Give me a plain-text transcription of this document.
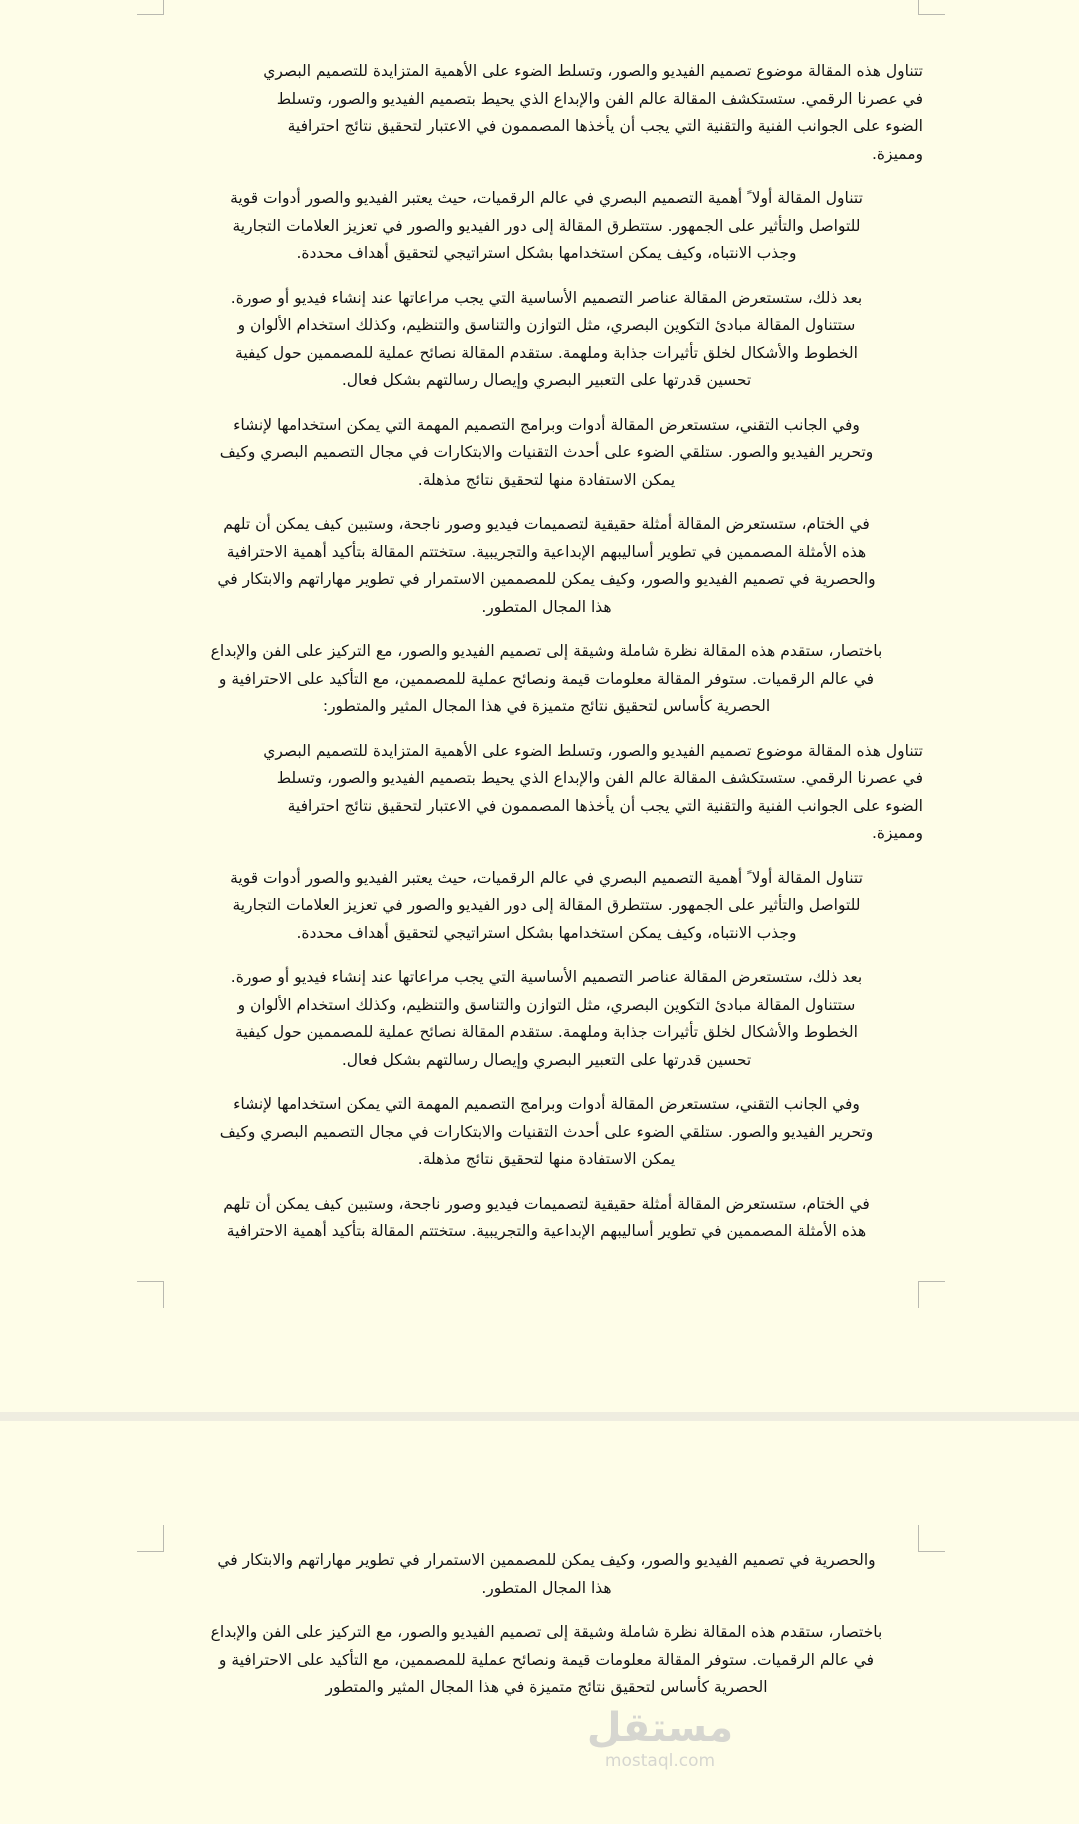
تتناول هذه المقالة موضوع تصميم الفيديو والصور، وتسلط الضوء على الأهمية المتزايدة للتصميم البصري
في عصرنا الرقمي. ستستكشف المقالة عالم الفن والإبداع الذي يحيط بتصميم الفيديو والصور، وتسلط
الضوء على الجوانب الفنية والتقنية التي يجب أن يأخذها المصممون في الاعتبار لتحقيق نتائج احترافية
ومميزة.
تتناول المقالة أولا ً أهمية التصميم البصري في عالم الرقميات، حيث يعتبر الفيديو والصور أدوات قوية
للتواصل والتأثير على الجمهور. ستتطرق المقالة إلى دور الفيديو والصور في تعزيز العلامات التجارية
وجذب الانتباه، وكيف يمكن استخدامها بشكل استراتيجي لتحقيق أهداف محددة.
بعد ذلك، ستستعرض المقالة عناصر التصميم الأساسية التي يجب مراعاتها عند إنشاء فيديو أو صورة.
ستتناول المقالة مبادئ التكوين البصري، مثل التوازن والتناسق والتنظيم، وكذلك استخدام الألوان و
الخطوط والأشكال لخلق تأثيرات جذابة وملهمة. ستقدم المقالة نصائح عملية للمصممين حول كيفية
تحسين قدرتها على التعبير البصري وإيصال رسالتهم بشكل فعال.
وفي الجانب التقني، ستستعرض المقالة أدوات وبرامج التصميم المهمة التي يمكن استخدامها لإنشاء
وتحرير الفيديو والصور. ستلقي الضوء على أحدث التقنيات والابتكارات في مجال التصميم البصري وكيف
يمكن الاستفادة منها لتحقيق نتائج مذهلة.
في الختام، ستستعرض المقالة أمثلة حقيقية لتصميمات فيديو وصور ناجحة، وستبين كيف يمكن أن تلهم
هذه الأمثلة المصممين في تطوير أساليبهم الإبداعية والتجريبية. ستختتم المقالة بتأكيد أهمية الاحترافية
والحصرية في تصميم الفيديو والصور، وكيف يمكن للمصممين الاستمرار في تطوير مهاراتهم والابتكار في
هذا المجال المتطور.
باختصار، ستقدم هذه المقالة نظرة شاملة وشيقة إلى تصميم الفيديو والصور، مع التركيز على الفن والإبداع
في عالم الرقميات. ستوفر المقالة معلومات قيمة ونصائح عملية للمصممين، مع التأكيد على الاحترافية و
الحصرية كأساس لتحقيق نتائج متميزة في هذا المجال المثير والمتطور:
تتناول هذه المقالة موضوع تصميم الفيديو والصور، وتسلط الضوء على الأهمية المتزايدة للتصميم البصري
في عصرنا الرقمي. ستستكشف المقالة عالم الفن والإبداع الذي يحيط بتصميم الفيديو والصور، وتسلط
الضوء على الجوانب الفنية والتقنية التي يجب أن يأخذها المصممون في الاعتبار لتحقيق نتائج احترافية
ومميزة.
تتناول المقالة أولا ً أهمية التصميم البصري في عالم الرقميات، حيث يعتبر الفيديو والصور أدوات قوية
للتواصل والتأثير على الجمهور. ستتطرق المقالة إلى دور الفيديو والصور في تعزيز العلامات التجارية
وجذب الانتباه، وكيف يمكن استخدامها بشكل استراتيجي لتحقيق أهداف محددة.
بعد ذلك، ستستعرض المقالة عناصر التصميم الأساسية التي يجب مراعاتها عند إنشاء فيديو أو صورة.
ستتناول المقالة مبادئ التكوين البصري، مثل التوازن والتناسق والتنظيم، وكذلك استخدام الألوان و
الخطوط والأشكال لخلق تأثيرات جذابة وملهمة. ستقدم المقالة نصائح عملية للمصممين حول كيفية
تحسين قدرتها على التعبير البصري وإيصال رسالتهم بشكل فعال.
وفي الجانب التقني، ستستعرض المقالة أدوات وبرامج التصميم المهمة التي يمكن استخدامها لإنشاء
وتحرير الفيديو والصور. ستلقي الضوء على أحدث التقنيات والابتكارات في مجال التصميم البصري وكيف
يمكن الاستفادة منها لتحقيق نتائج مذهلة.
في الختام، ستستعرض المقالة أمثلة حقيقية لتصميمات فيديو وصور ناجحة، وستبين كيف يمكن أن تلهم
هذه الأمثلة المصممين في تطوير أساليبهم الإبداعية والتجريبية. ستختتم المقالة بتأكيد أهمية الاحترافية
والحصرية في تصميم الفيديو والصور، وكيف يمكن للمصممين الاستمرار في تطوير مهاراتهم والابتكار في
هذا المجال المتطور.
باختصار، ستقدم هذه المقالة نظرة شاملة وشيقة إلى تصميم الفيديو والصور، مع التركيز على الفن والإبداع
في عالم الرقميات. ستوفر المقالة معلومات قيمة ونصائح عملية للمصممين، مع التأكيد على الاحترافية و
الحصرية كأساس لتحقيق نتائج متميزة في هذا المجال المثير والمتطور
مستقل
mostaql.com
